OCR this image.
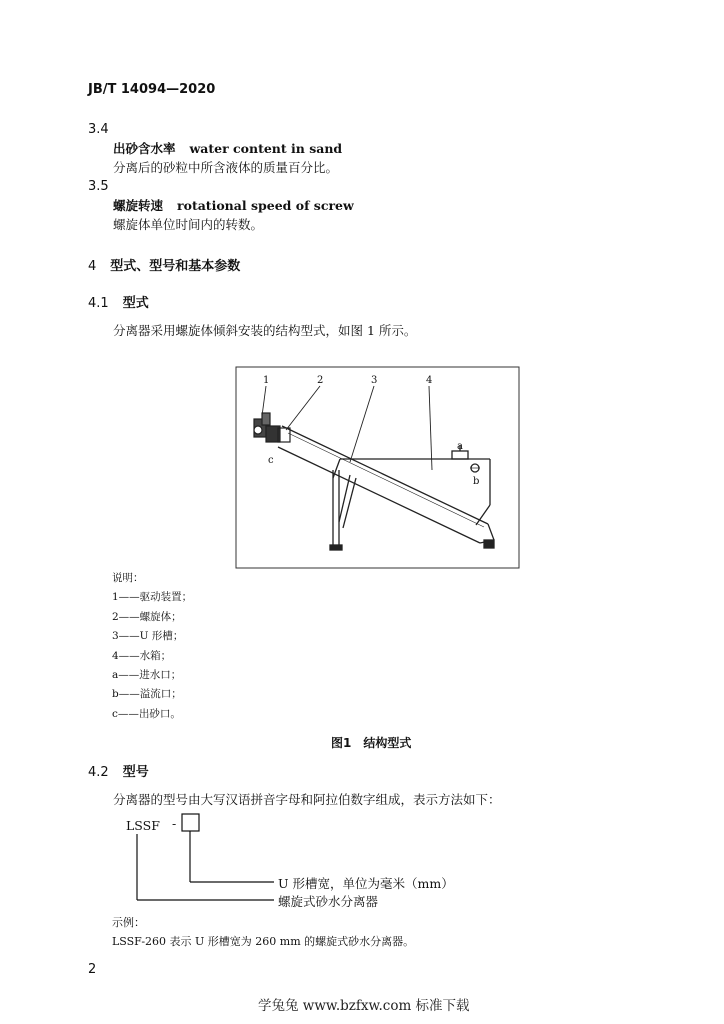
JB/T 14094—2020
3.4
出砂含水率 water content in sand
分离后的砂粒中所含液体的质量百分比。
3.5
螺旋转速 rotational speed of screw
螺旋体单位时间内的转数。
4 型式、型号和基本参数
4.1 型式
分离器采用螺旋体倾斜安装的结构型式，如图 1 所示。
1	2	3	4
a
b
c
说明：
1——驱动装置；
2——螺旋体；
3——U 形槽；
4——水箱；
a——进水口；
b——溢流口；
c——出砂口。
图1 结构型式
4.2 型号
分离器的型号由大写汉语拼音字母和阿拉伯数字组成，表示方法如下：
LSSF -
U 形槽宽，单位为毫米（mm）
螺旋式砂水分离器
示例：
LSSF-260 表示 U 形槽宽为 260 mm 的螺旋式砂水分离器。
2
学兔兔 www.bzfxw.com 标准下载
